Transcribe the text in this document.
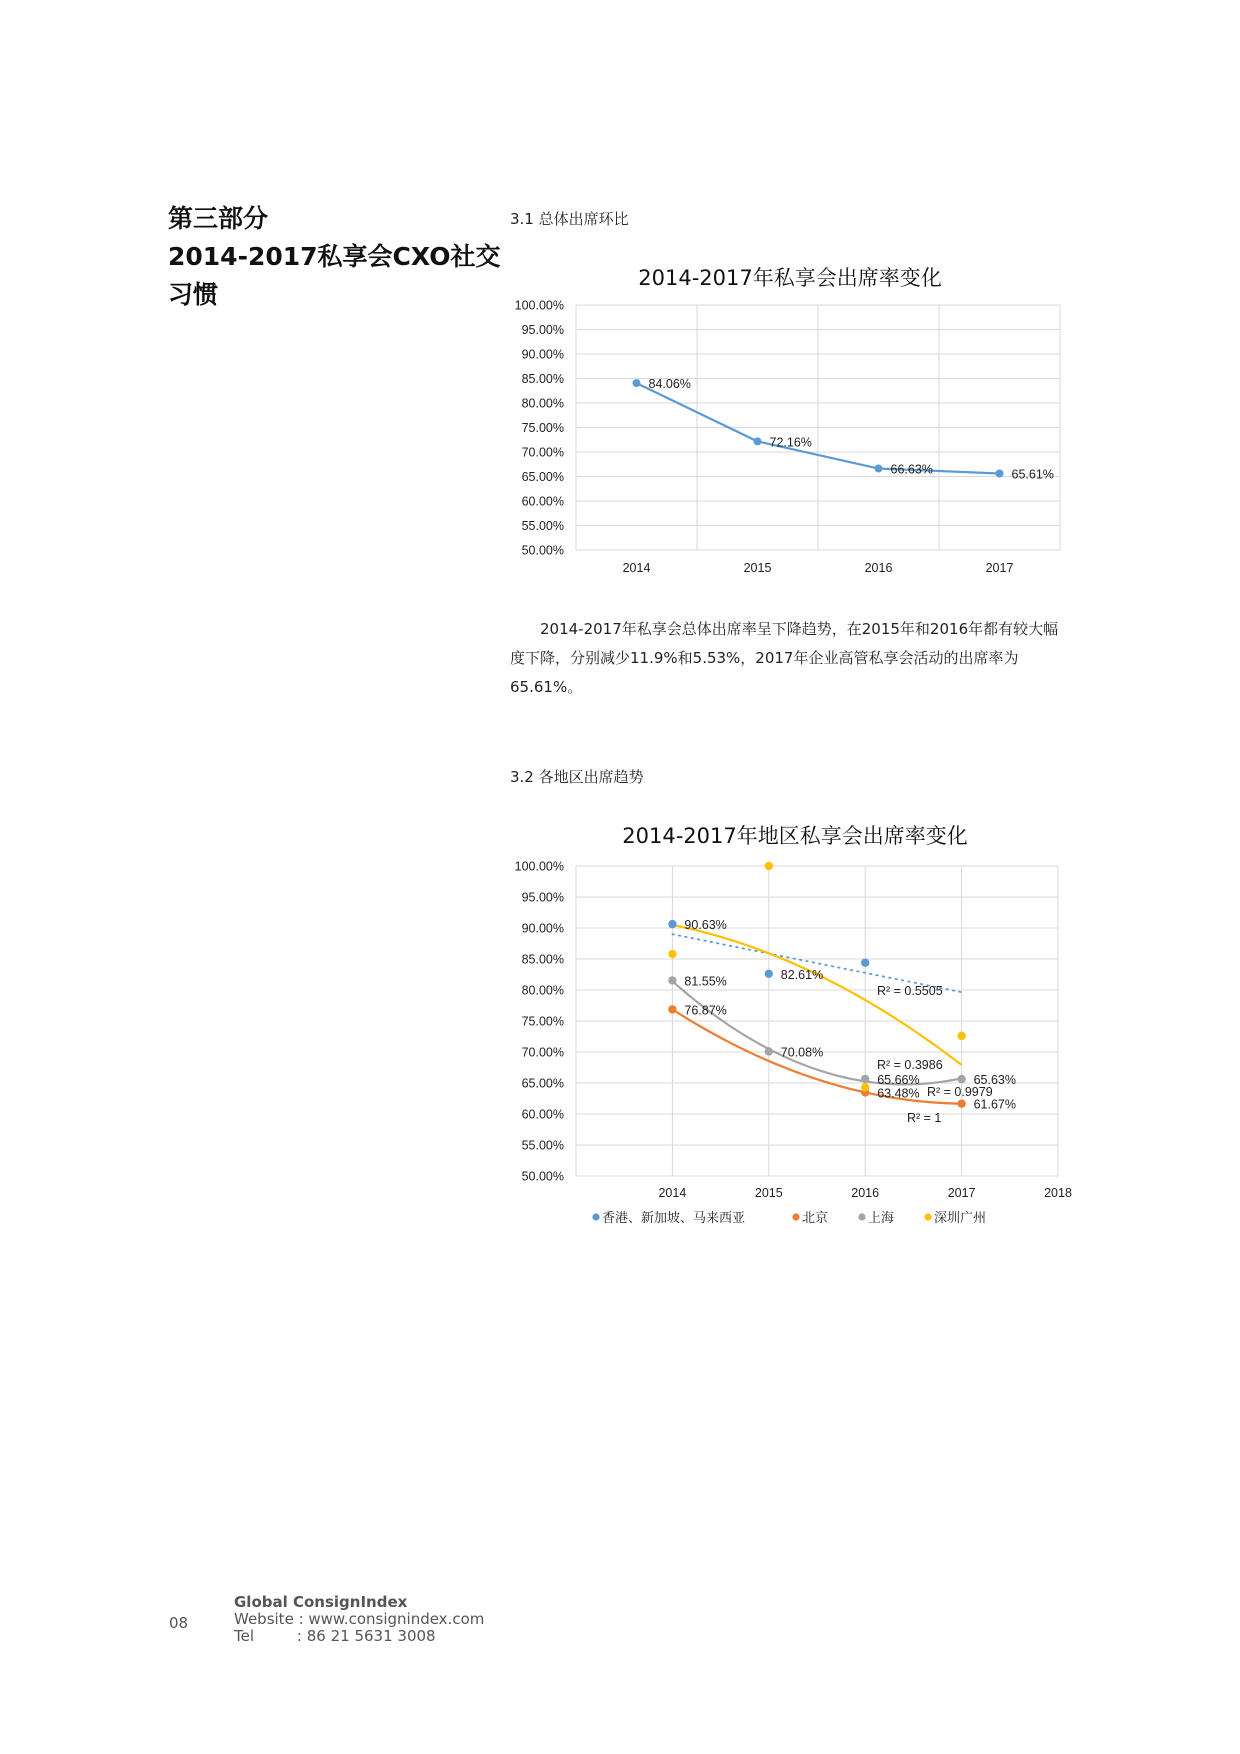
第三部分
2014-2017私享会CXO社交
习惯
3.1 总体出席环比
2014-2017年私享会出席率变化
100.00%
95.00%
90.00%
85.00%
80.00%
75.00%
70.00%
65.00%
60.00%
55.00%
50.00%
2014	2015	2016	2017
84.06%
72.16%
66.63%	65.61%
2014-2017年私享会总体出席率呈下降趋势，在2015年和2016年都有较大幅度下降，分别减少11.9%和5.53%，2017年企业高管私享会活动的出席率为65.61%。
3.2 各地区出席趋势
2014-2017年地区私享会出席率变化
100.00%
95.00%
90.00%
85.00%
80.00%
75.00%
70.00%
65.00%
60.00%
55.00%
50.00%
2014	2015	2016	2017	2018
90.63%
82.61%
76.87%
63.48%
61.67%
81.55%
70.08%
65.66%	65.63%
R² = 0.5505
R² = 1
R² = 0.9979
R² = 0.3986
香港、新加坡、马来西亚	北京	上海	深圳广州
08
Global ConsignIndex
Website : www.consignindex.com
Tel         : 86 21 5631 3008
